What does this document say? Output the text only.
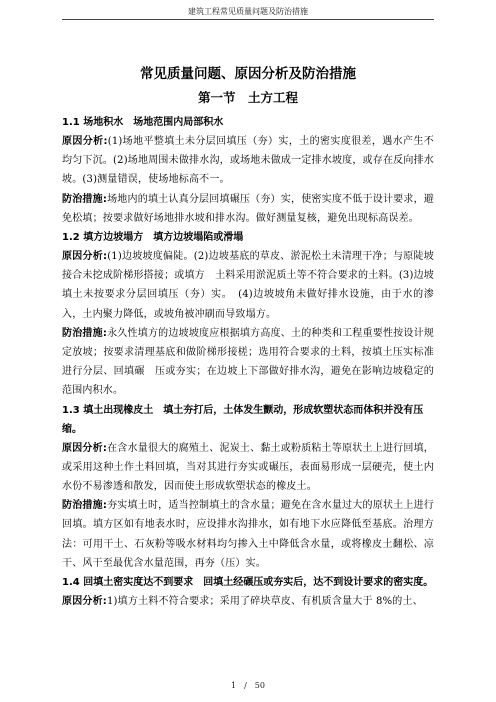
建筑工程常见质量问题及防治措施
常见质量问题、原因分析及防治措施
第一节　土方工程

1.1 场地积水　场地范围内局部积水

原因分析:(1)场地平整填土未分层回填压（夯）实，土的密实度很差，遇水产生不均匀下沉。(2)场地周围未做排水沟，或场地未做成一定排水坡度，或存在反向排水坡。(3)测量错误，使场地标高不一。

防治措施:场地内的填土认真分层回填碾压（夯）实，使密实度不低于设计要求，避免松填；按要求做好场地排水坡和排水沟。做好测量复核，避免出现标高误差。

1.2 填方边坡塌方　填方边坡塌陷或滑塌

原因分析:(1)边坡坡度偏陡。(2)边坡基底的草皮、淤泥松土未清理干净；与原陡坡接合未挖成阶梯形搭接；或填方　土料采用淤泥质土等不符合要求的土料。(3)边坡填土未按要求分层回填压（夯）实。　(4)边坡坡角未做好排水设施，由于水的渗入，土内聚力降低，或坡角被冲刷而导致塌方。

防治措施:永久性填方的边坡坡度应根据填方高度、土的种类和工程重要性按设计规定放坡；按要求清理基底和做阶梯形接槎；选用符合要求的土料，按填土压实标准进行分层、回填碾　压或夯实；在边坡上下部做好排水沟，避免在影响边坡稳定的范围内积水。

1.3 填土出现橡皮土　填土夯打后，土体发生颤动，形成软塑状态而体积并没有压缩。

原因分析:在含水量很大的腐殖土、泥炭土、黏土或粉质粘土等原状土上进行回填，或采用这种土作土料回填，当对其进行夯实或碾压，表面易形成一层硬壳，使土内水份不易渗透和散发，因而使土形成软塑状态的橡皮土。

防治措施:夯实填土时，适当控制填土的含水量；避免在含水量过大的原状土上进行回填。填方区如有地表水时，应设排水沟排水，如有地下水应降低至基底。治理方法：可用干土、石灰粉等吸水材料均匀掺入土中降低含水量，或将橡皮土翻松、凉干、风干至最优含水量范围，再夯（压）实。

1.4 回填土密实度达不到要求　回填土经碾压或夯实后，达不到设计要求的密实度。

原因分析:1)填方土料不符合要求；采用了碎块草皮、有机质含量大于 8%的土、

1　/　50
